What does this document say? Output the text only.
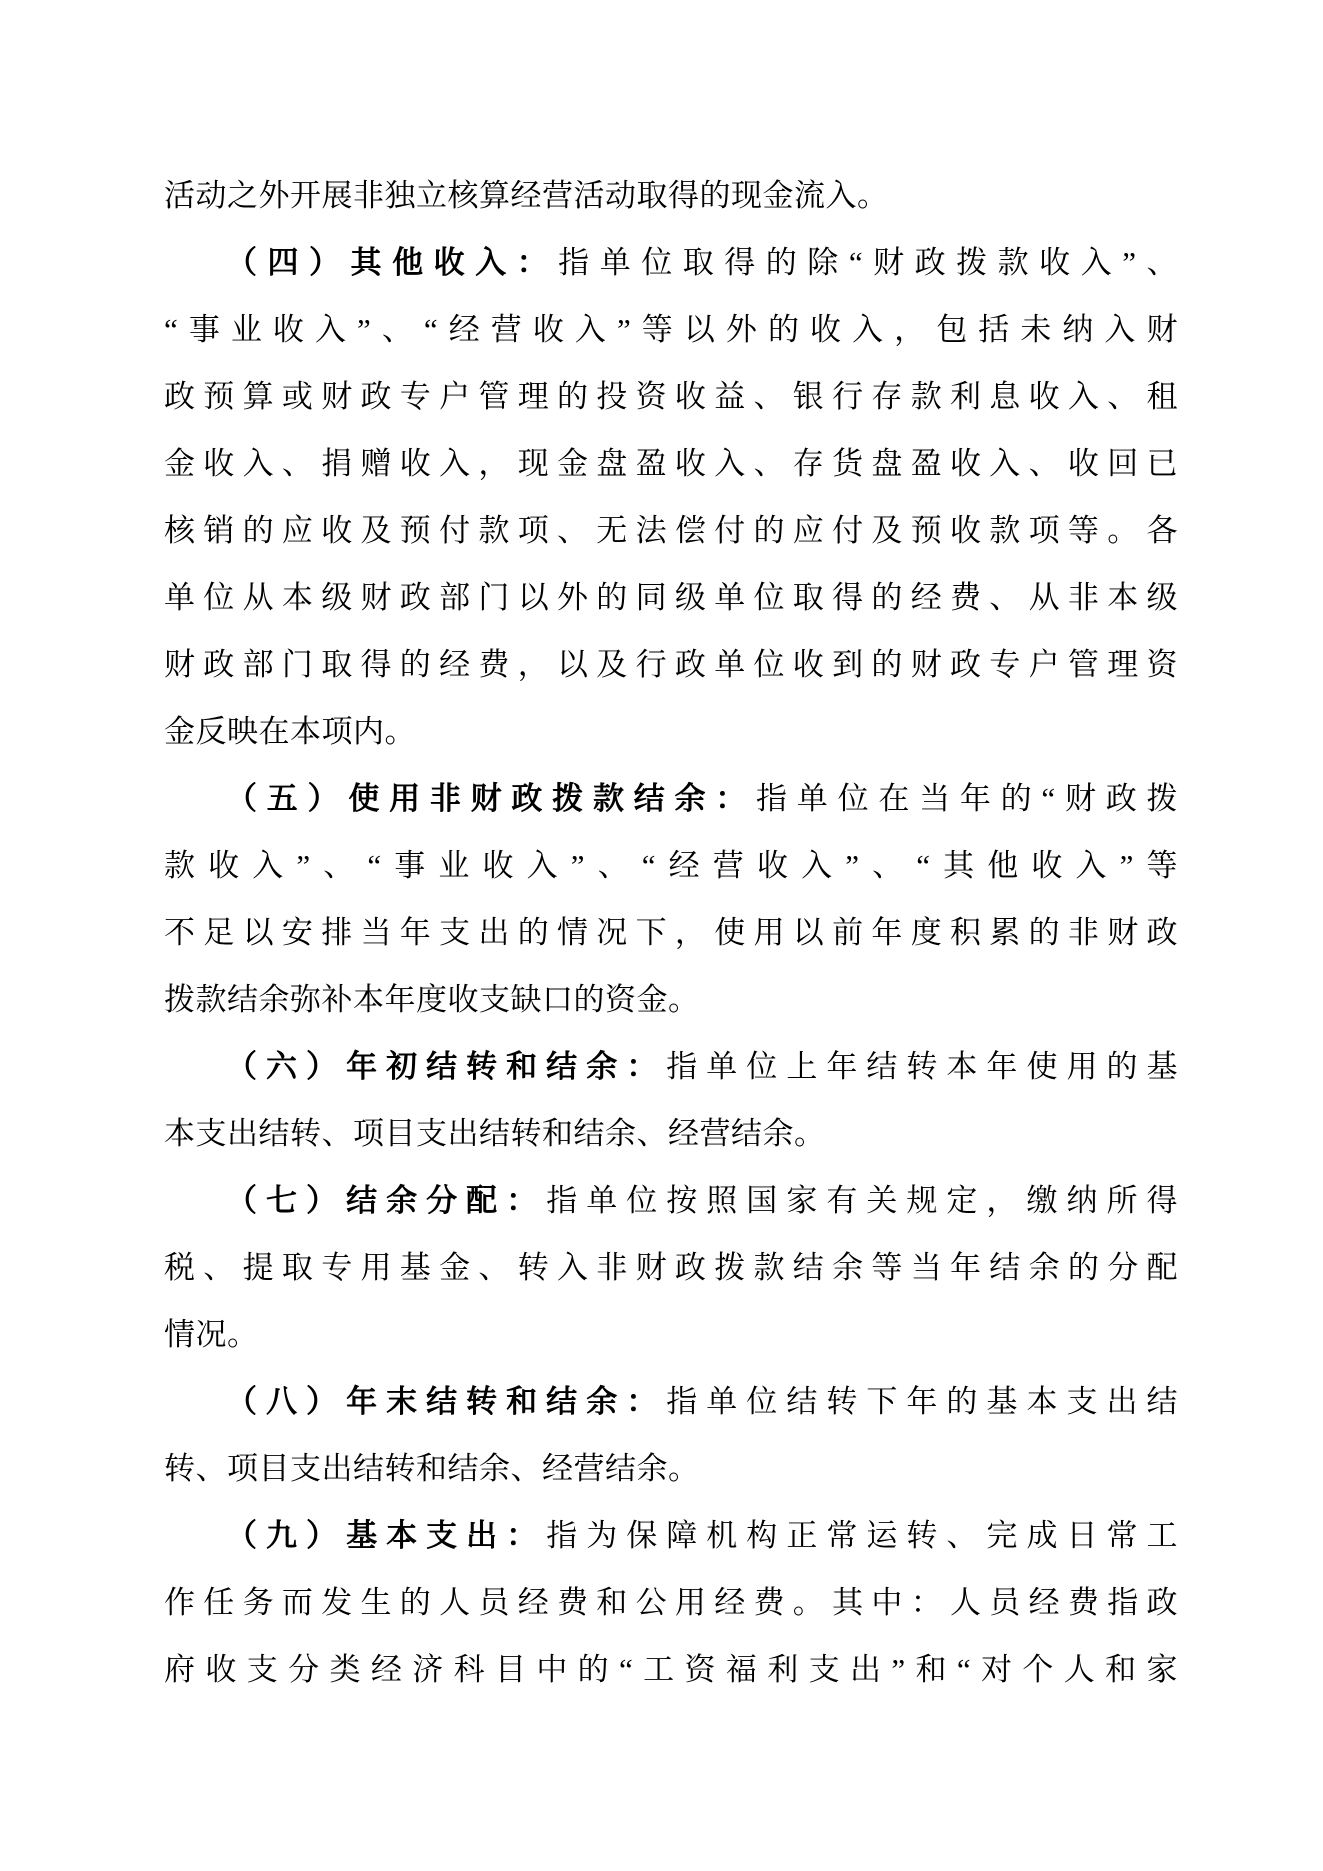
活动之外开展非独立核算经营活动取得的现金流入。
（四）其他收入：指单位取得的除“财政拨款收入”、
“事业收入”、“经营收入”等以外的收入，包括未纳入财
政预算或财政专户管理的投资收益、银行存款利息收入、租
金收入、捐赠收入，现金盘盈收入、存货盘盈收入、收回已
核销的应收及预付款项、无法偿付的应付及预收款项等。各
单位从本级财政部门以外的同级单位取得的经费、从非本级
财政部门取得的经费，以及行政单位收到的财政专户管理资
金反映在本项内。
（五）使用非财政拨款结余：指单位在当年的“财政拨
款收入”、“事业收入”、“经营收入”、“其他收入”等
不足以安排当年支出的情况下，使用以前年度积累的非财政
拨款结余弥补本年度收支缺口的资金。
（六）年初结转和结余：指单位上年结转本年使用的基
本支出结转、项目支出结转和结余、经营结余。
（七）结余分配：指单位按照国家有关规定，缴纳所得
税、提取专用基金、转入非财政拨款结余等当年结余的分配
情况。
（八）年末结转和结余：指单位结转下年的基本支出结
转、项目支出结转和结余、经营结余。
（九）基本支出：指为保障机构正常运转、完成日常工
作任务而发生的人员经费和公用经费。其中：人员经费指政
府收支分类经济科目中的“工资福利支出”和“对个人和家
